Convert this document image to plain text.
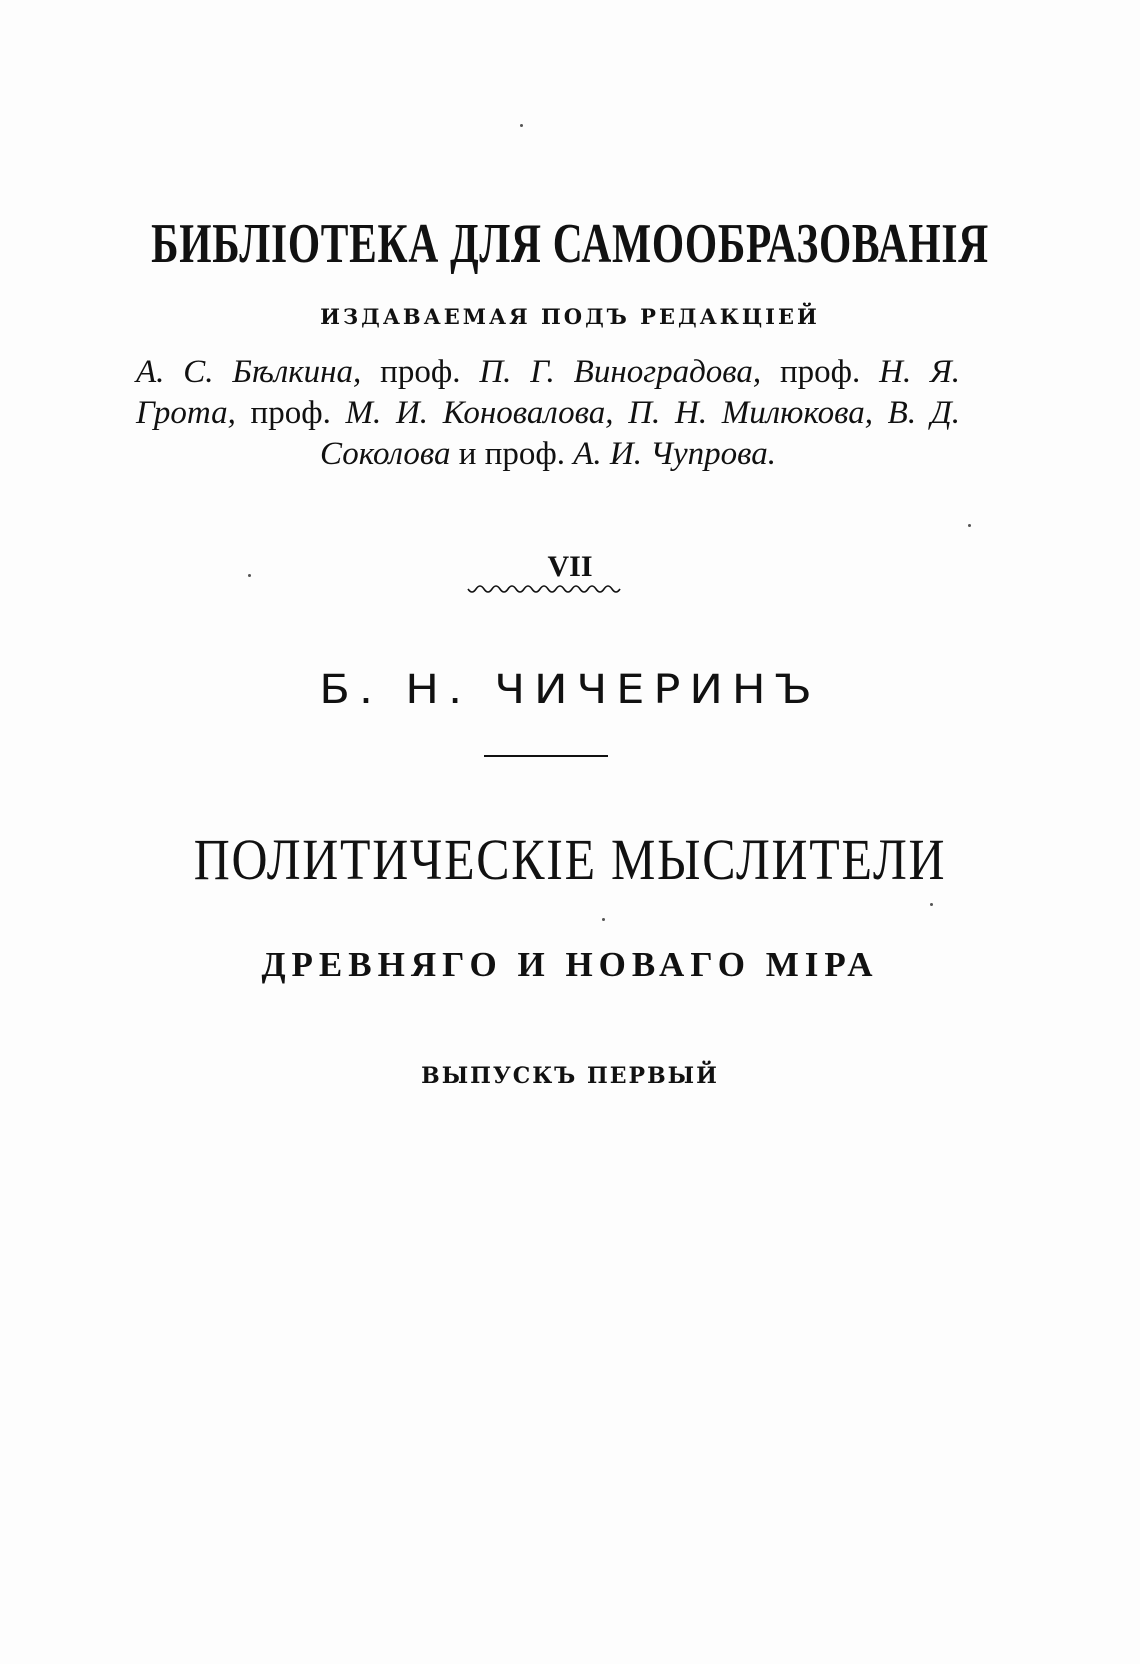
БИБЛІОТЕКА ДЛЯ САМООБРАЗОВАНІЯ
ИЗДАВАЕМАЯ ПОДЪ РЕДАКЦІЕЙ
А. С. Бѣлкина, проф. П. Г. Виноградова, проф. Н. Я. Грота, проф. М. И. Коновалова, П. Н. Милюкова, В. Д. Соколова и проф. А. И. Чупрова.
VII
Б. Н. ЧИЧЕРИНЪ
ПОЛИТИЧЕСКІЕ МЫСЛИТЕЛИ
ДРЕВНЯГО И НОВАГО МІРА
ВЫПУСКЪ ПЕРВЫЙ
